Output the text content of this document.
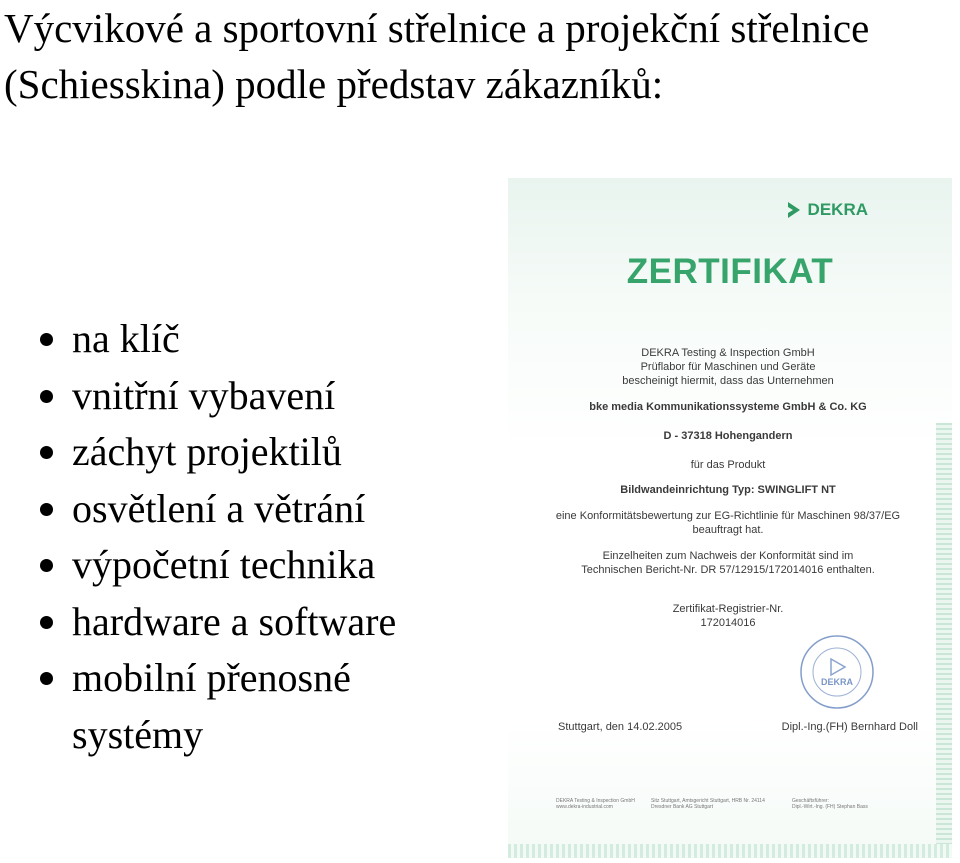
Výcvikové a sportovní střelnice a projekční střelnice (Schiesskina) podle představ zákazníků:
na klíč
vnitřní vybavení
záchyt projektilů
osvětlení a větrání
výpočetní technika
hardware a software
mobilní přenosné systémy
DEKRA
ZERTIFIKAT
DEKRA Testing & Inspection GmbH
Prüflabor für Maschinen und Geräte
bescheinigt hiermit, dass das Unternehmen
bke media Kommunikationssysteme GmbH & Co. KG
D - 37318 Hohengandern
für das Produkt
Bildwandeinrichtung Typ: SWINGLIFT NT
eine Konformitätsbewertung zur EG-Richtlinie für Maschinen 98/37/EG
beauftragt hat.
Einzelheiten zum Nachweis der Konformität sind im
Technischen Bericht-Nr. DR 57/12915/172014016 enthalten.
Zertifikat-Registrier-Nr.
172014016
DEKRA
Stuttgart, den 14.02.2005	Dipl.-Ing.(FH) Bernhard Doll
DEKRA Testing & Inspection GmbH
www.dekra-industrial.com
Sitz Stuttgart, Amtsgericht Stuttgart, HRB Nr. 24114
Dresdner Bank AG Stuttgart
Geschäftsführer:
Dipl.-Wirt.-Ing. (FH) Stephan Bass
